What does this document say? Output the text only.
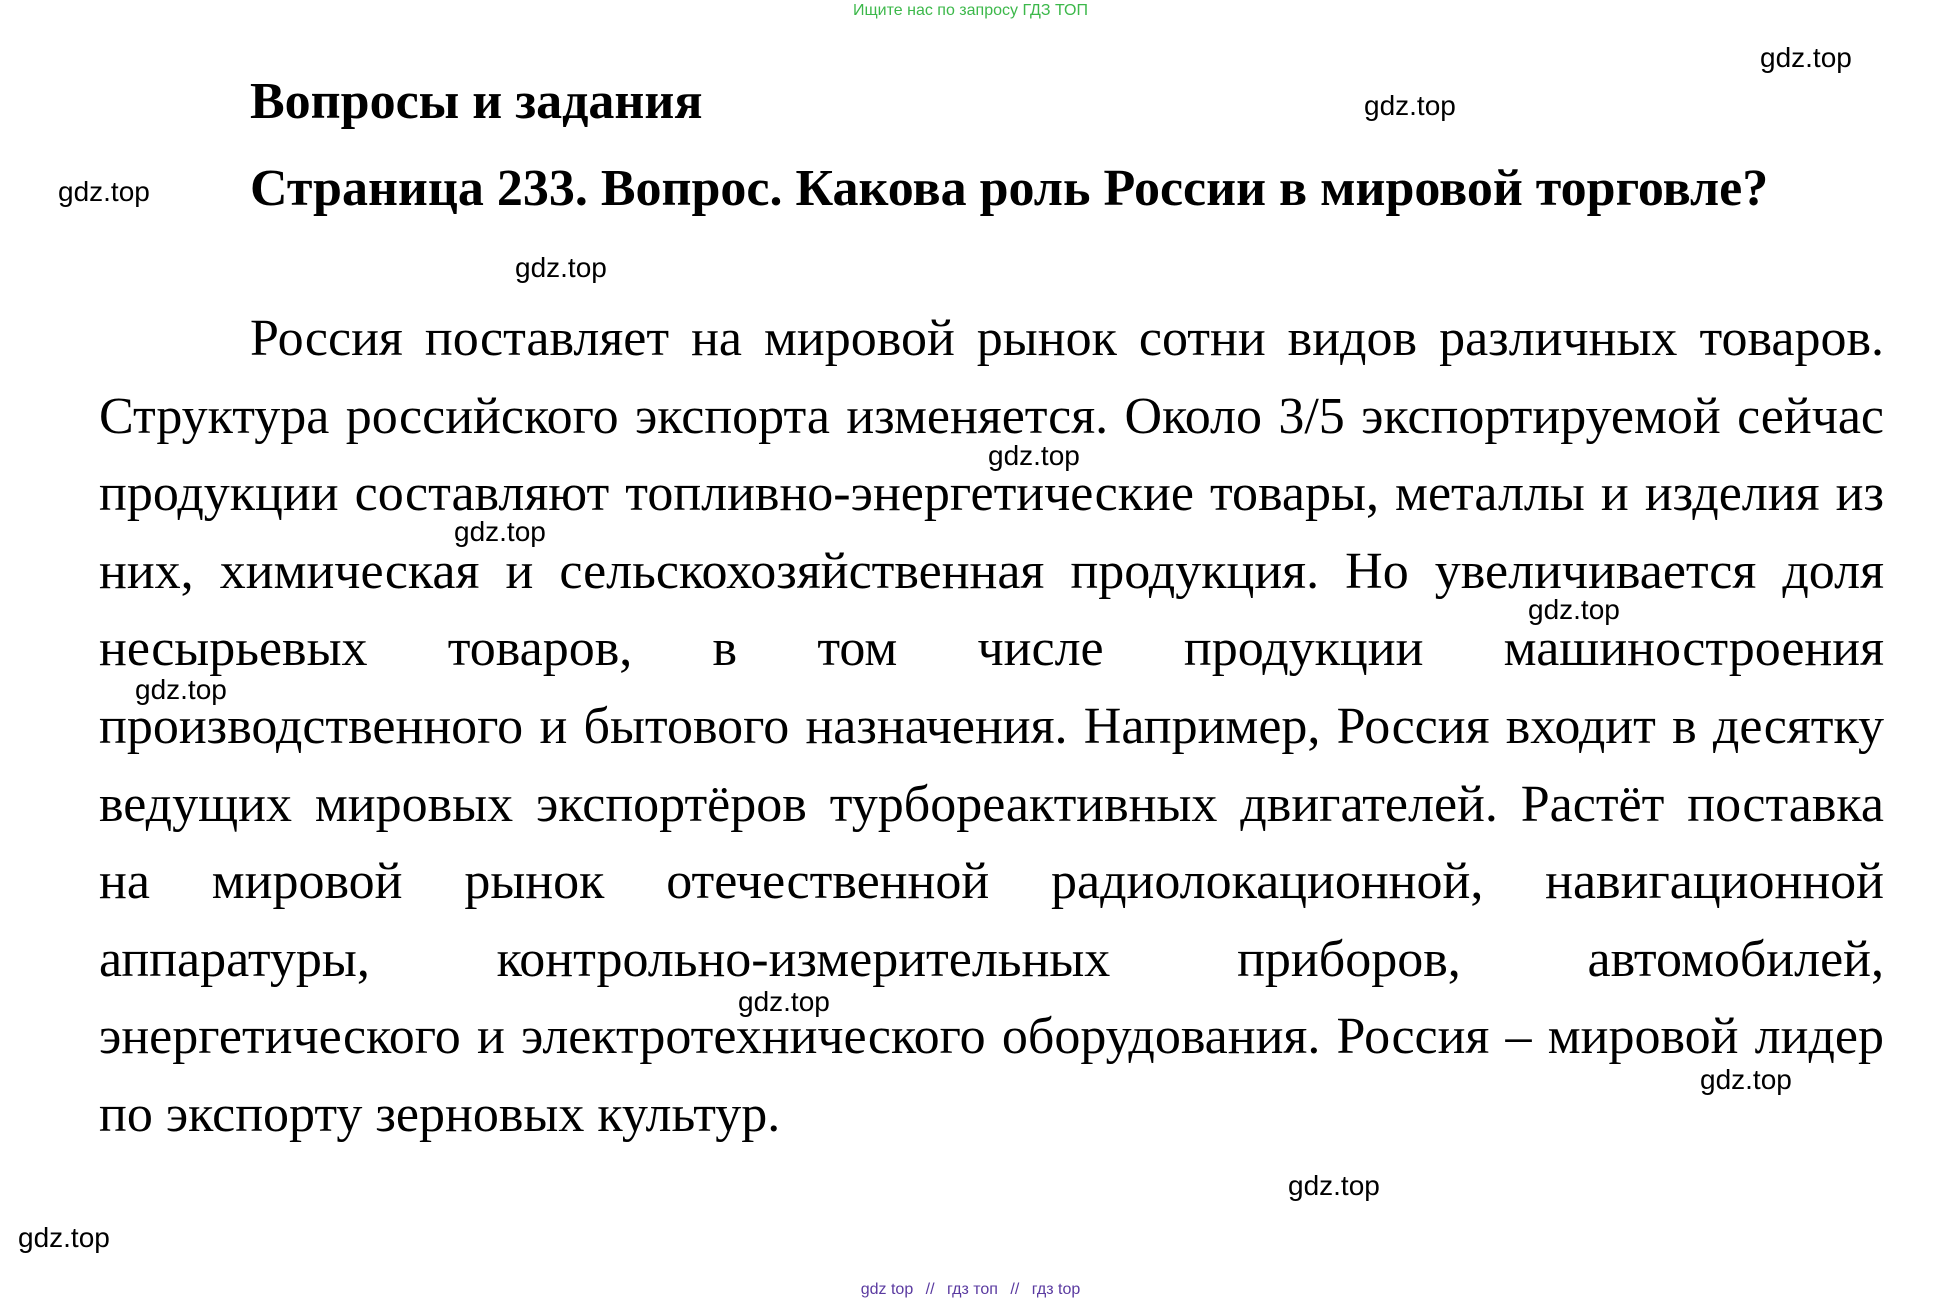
Ищите нас по запросу ГДЗ ТОП
Вопросы и задания
Страница 233. Вопрос. Какова роль России в мировой торговле?
Россия поставляет на мировой рынок сотни видов различных товаров. Структура российского экспорта изменяется. Около 3/5 экспортируемой сейчас продукции составляют топливно-энергетические товары, металлы и изделия из них, химическая и сельскохозяйственная продукция. Но увеличивается доля несырьевых товаров, в том числе продукции машиностроения производственного и бытового назначения. Например, Россия входит в десятку ведущих мировых экспортёров турбореактивных двигателей. Растёт поставка на мировой рынок отечественной радиолокационной, навигационной аппаратуры, контрольно-измерительных приборов, автомобилей, энергетического и электротехнического оборудования. Россия – мировой лидер по экспорту зерновых культур.
gdz.top
gdz.top
gdz.top
gdz.top
gdz.top
gdz.top
gdz.top
gdz.top
gdz.top
gdz.top
gdz.top
gdz.top
gdz top // гдз топ // гдз top
